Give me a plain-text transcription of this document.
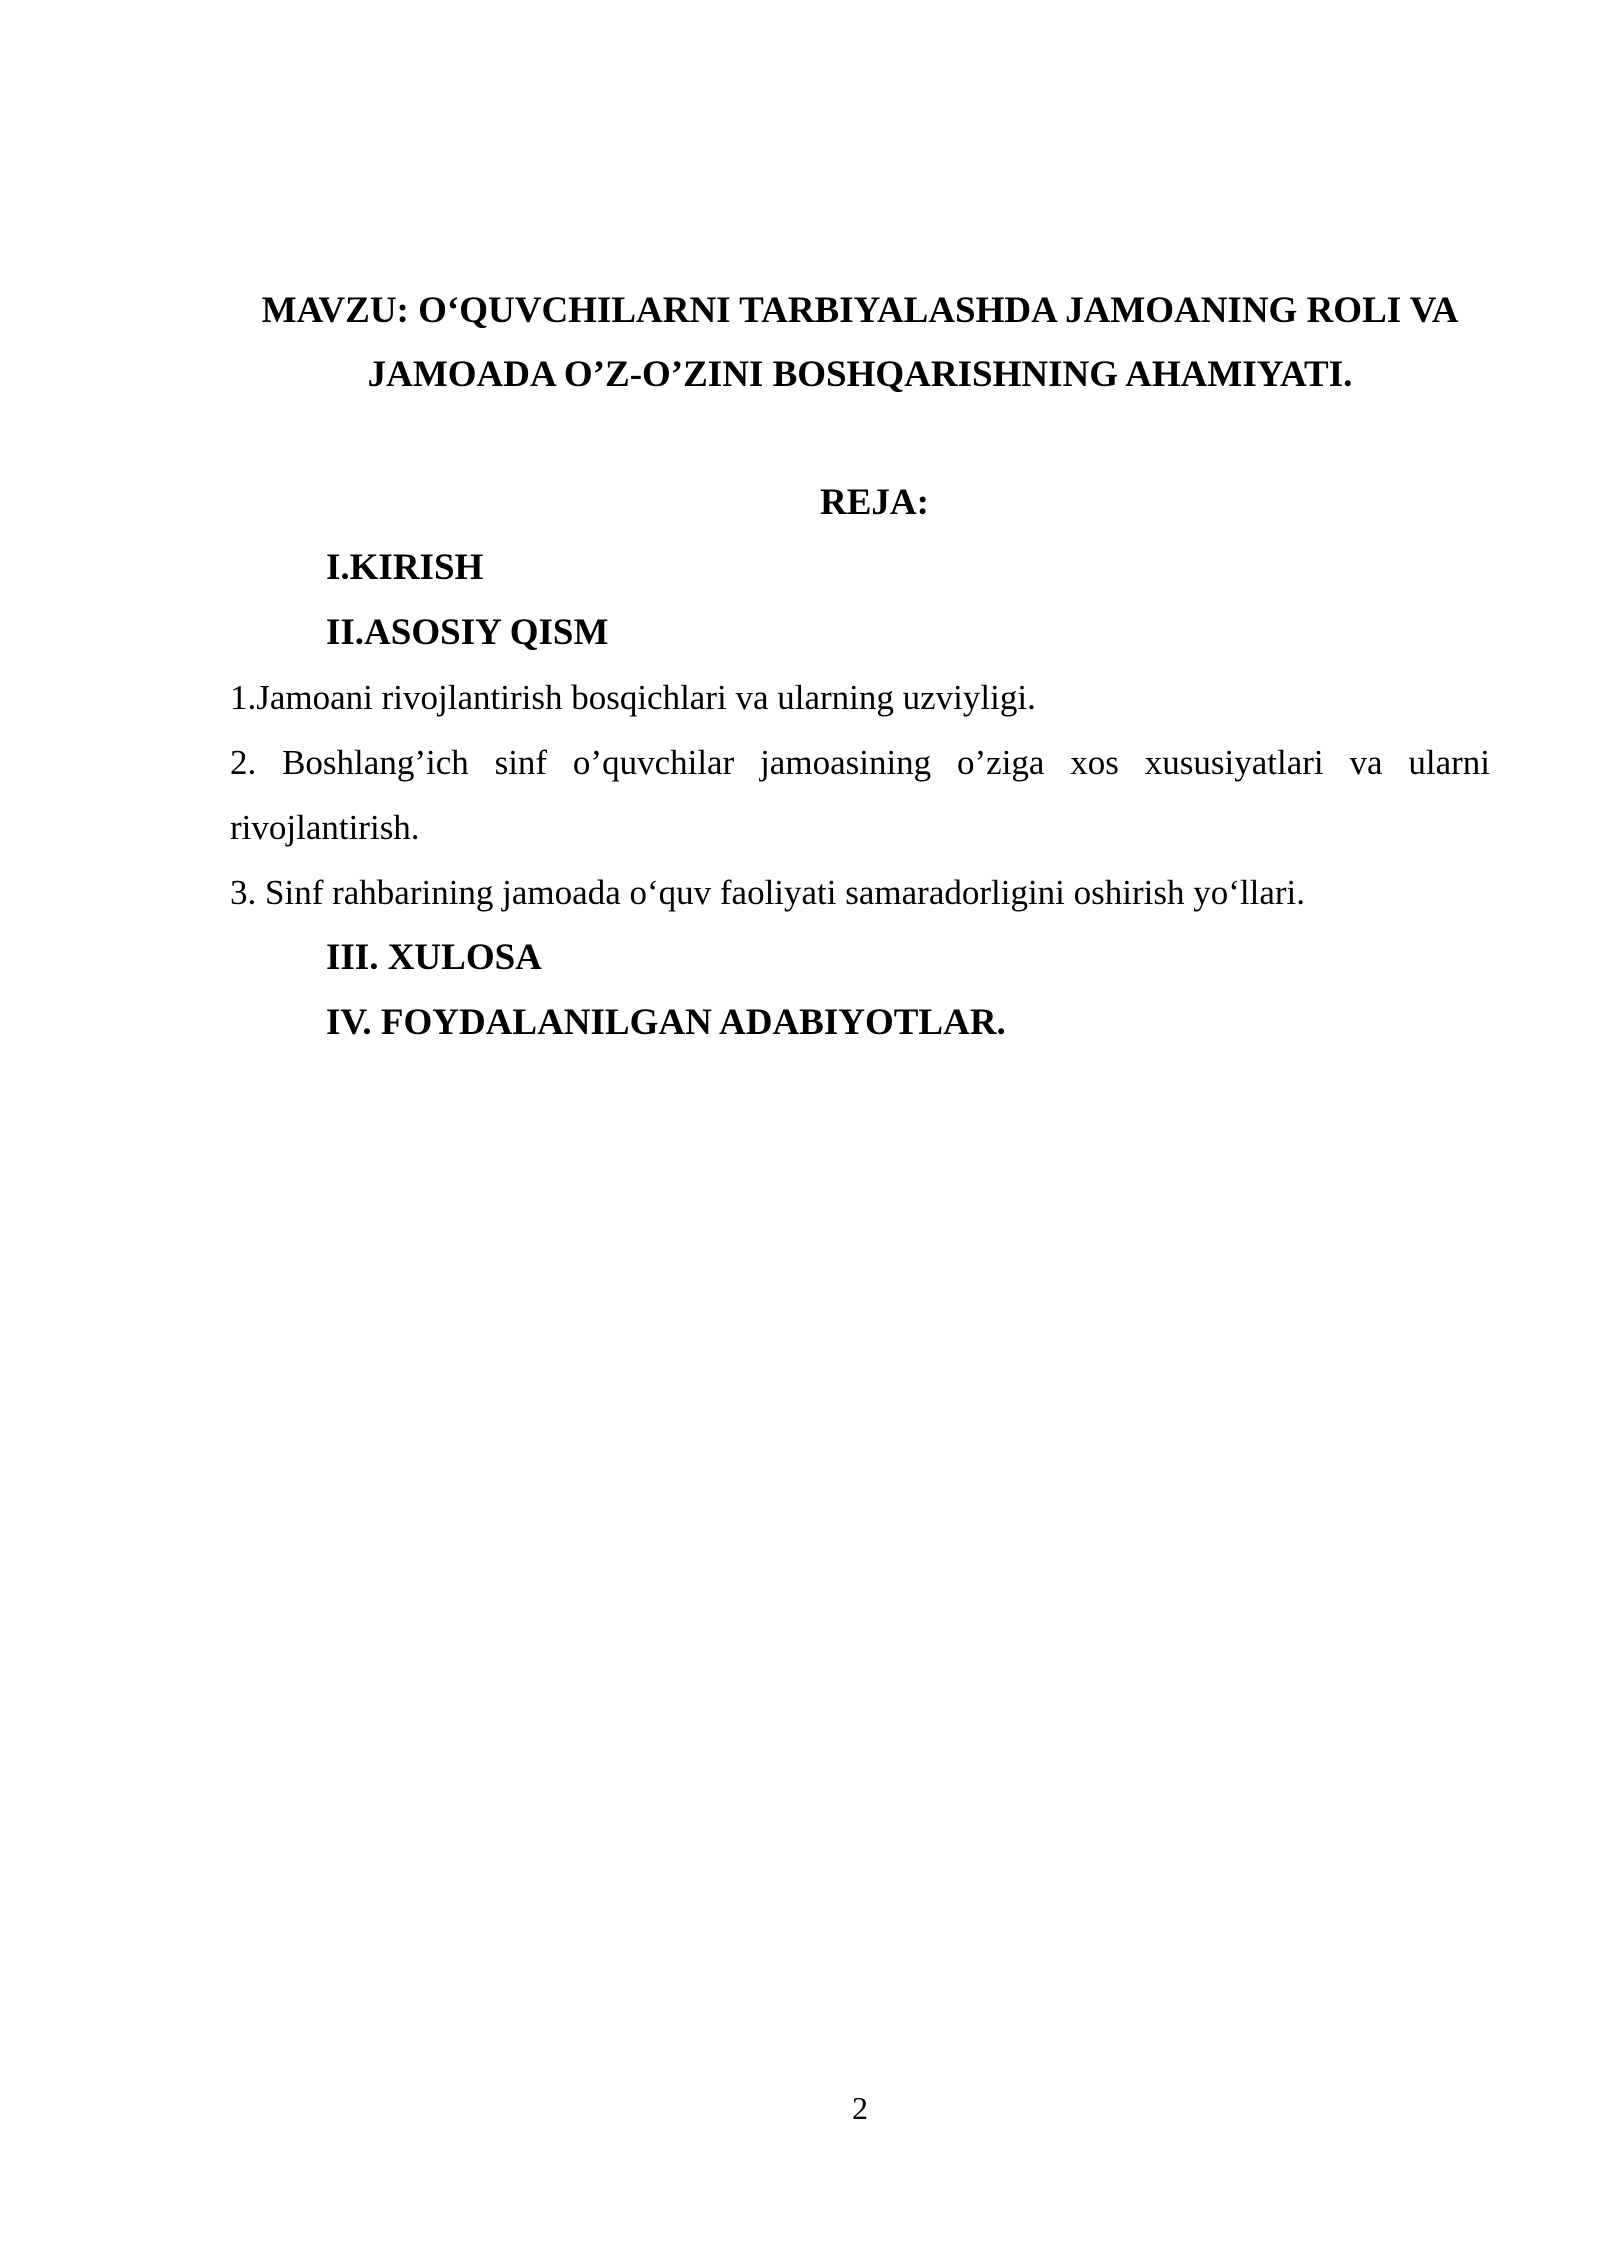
MAVZU: O‘QUVCHILARNI TARBIYALASHDA JAMOANING ROLI VA

JAMOADA O’Z-O’ZINI BOSHQARISHNING AHAMIYATI.

REJA:

I.KIRISH

II.ASOSIY QISM

1.Jamoani rivojlantirish bosqichlari va ularning uzviyligi.

2. Boshlang’ich sinf o’quvchilar jamoasining o’ziga xos xususiyatlari va ularni

rivojlantirish.

3. Sinf rahbarining jamoada o‘quv faoliyati samaradorligini oshirish yo‘llari.

III. XULOSA

IV. FOYDALANILGAN ADABIYOTLAR.

2
